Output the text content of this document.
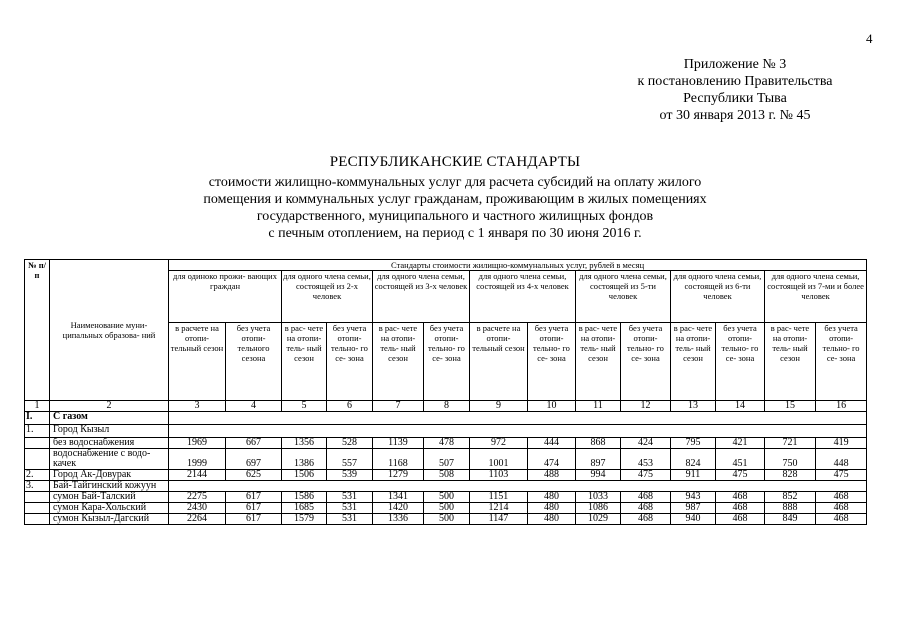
4
Приложение № 3
к постановлению Правительства
Республики Тыва
от 30 января 2013 г. № 45
РЕСПУБЛИКАНСКИЕ СТАНДАРТЫ
стоимости жилищно-коммунальных услуг для расчета субсидий на оплату жилого
помещения и коммунальных услуг гражданам, проживающим в жилых помещениях
государственного, муниципального и частного жилищных фондов
с печным отоплением, на период с 1 января по 30 июня 2016 г.
№ п/п	Наименование муни- ципальных образова- ний	Стандарты стоимости жилищно-коммунальных услуг, рублей в месяц													
		для одиноко прожи- вающих граждан		для одного члена семьи, состоящей из 2-х человек		для одного члена семьи, состоящей из 3-х человек		для одного члена семьи, состоящей из 4-х человек		для одного члена семьи, состоящей из 5-ти человек		для одного члена семьи, состоящей из 6-ти человек		для одного члена семьи, состоящей из 7-ми и более человек	
		в расчете на отопи- тельный сезон	без учета отопи- тельного сезона	в рас- чете на отопи- тель- ный сезон	без учета отопи- тельно- го се- зона	в рас- чете на отопи- тель- ный сезон	без учета отопи- тельно- го се- зона	в расчете на отопи- тельный сезон	без учета отопи- тельно- го се- зона	в рас- чете на отопи- тель- ный сезон	без учета отопи- тельно- го се- зона	в рас- чете на отопи- тель- ный сезон	без учета отопи- тельно- го се- зона	в рас- чете на отопи- тель- ный сезон	без учета отопи- тельно- го се- зона
1	2	3	4	5	6	7	8	9	10	11	12	13	14	15	16
I.	С газом														
1.	Город Кызыл														
	без водоснабжения	1969	667	1356	528	1139	478	972	444	868	424	795	421	721	419
	водоснабжение с водо- качек	1999	697	1386	557	1168	507	1001	474	897	453	824	451	750	448
2.	Город Ак-Довурак	2144	625	1506	539	1279	508	1103	488	994	475	911	475	828	475
3.	Бай-Тайгинский кожуун														
	сумон Бай-Талский	2275	617	1586	531	1341	500	1151	480	1033	468	943	468	852	468
	сумон Кара-Хольский	2430	617	1685	531	1420	500	1214	480	1086	468	987	468	888	468
	сумон Кызыл-Дагский	2264	617	1579	531	1336	500	1147	480	1029	468	940	468	849	468
